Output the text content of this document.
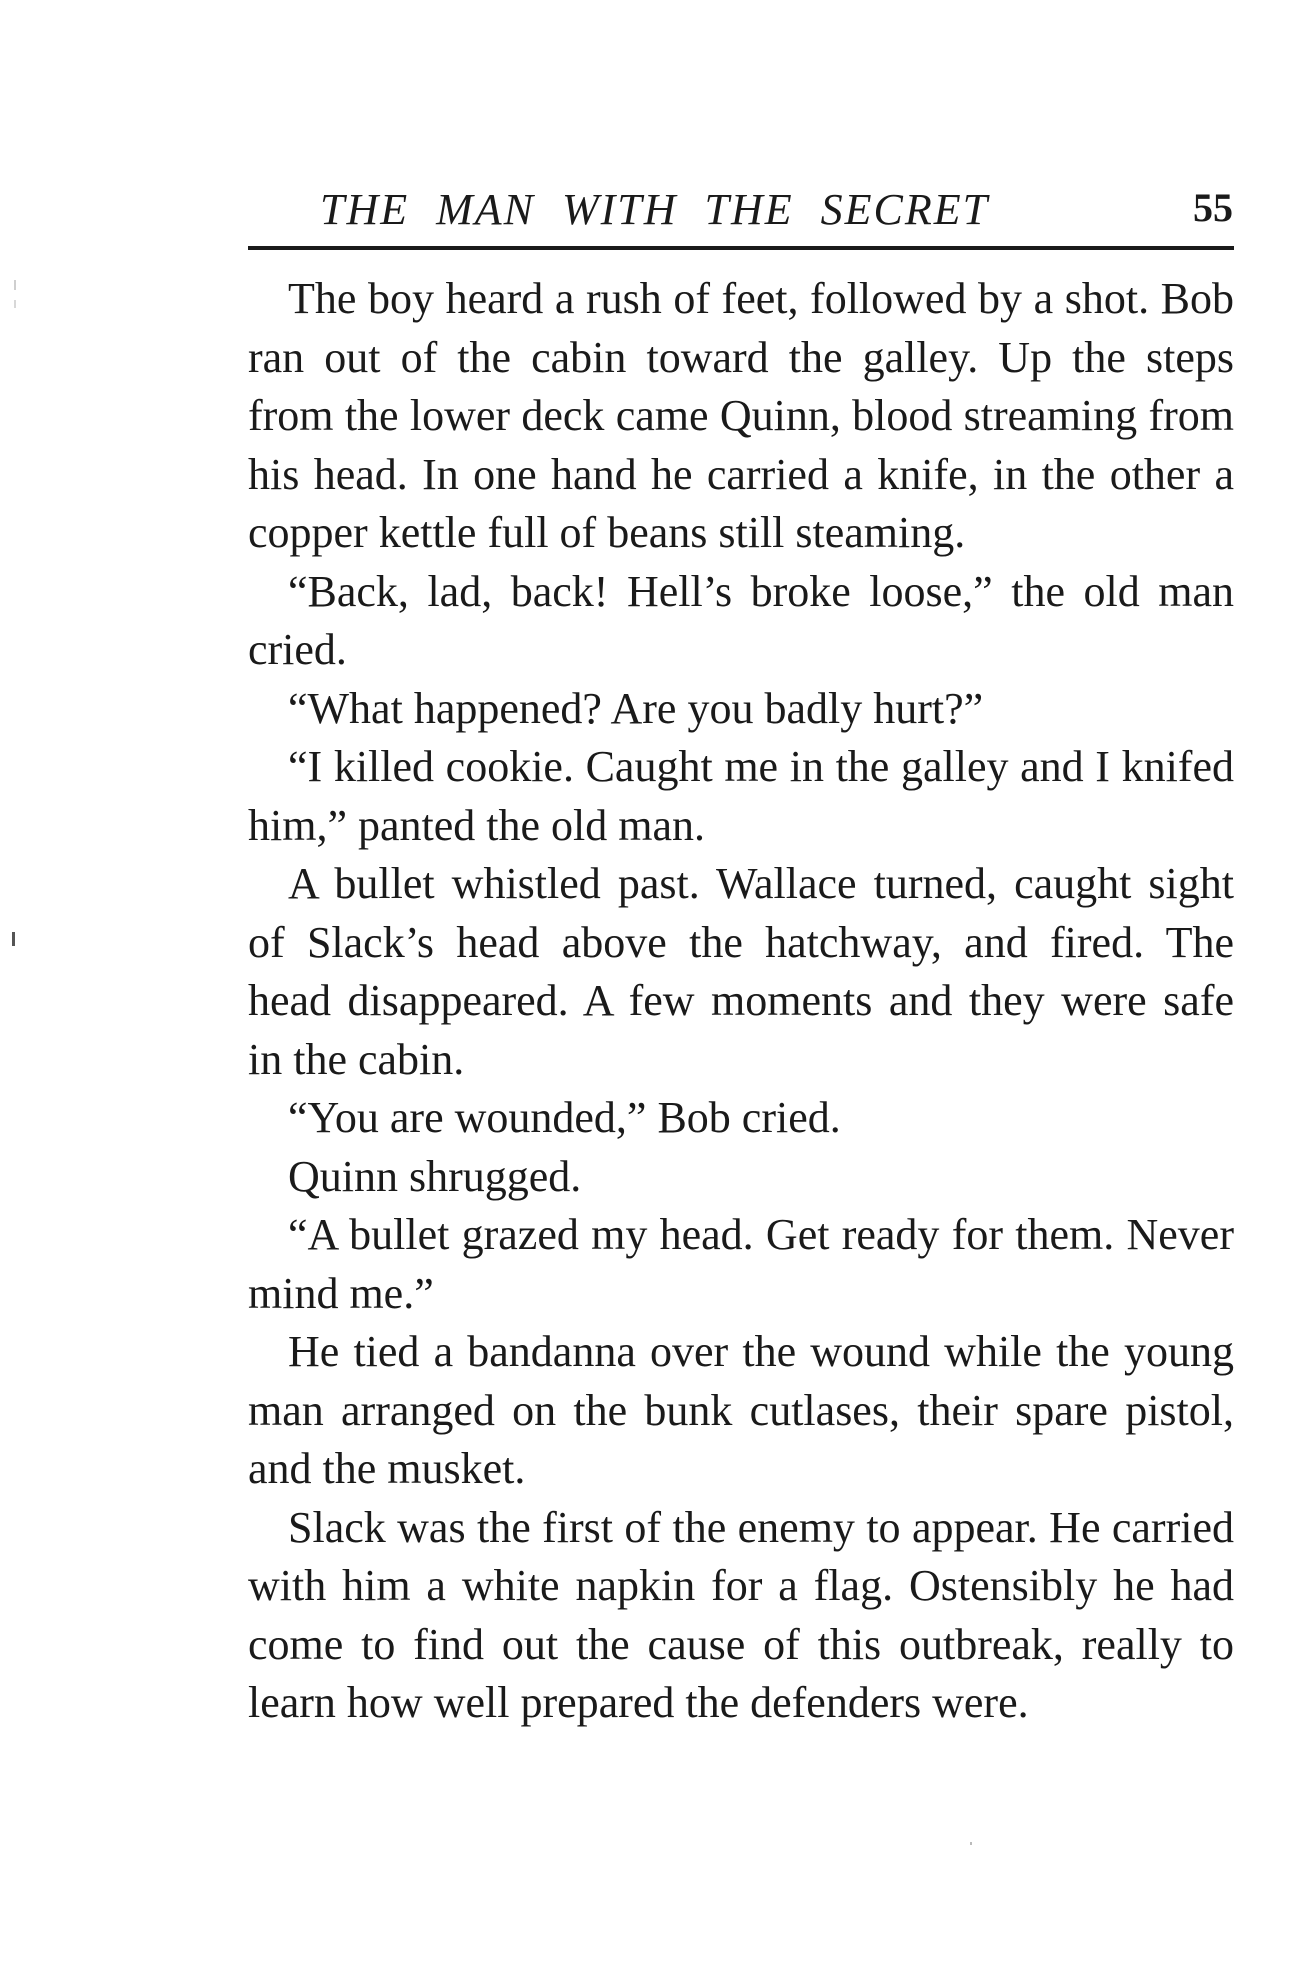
THE MAN WITH THE SECRET	55

The boy heard a rush of feet, followed by a shot. Bob ran out of the cabin toward the galley. Up the steps from the lower deck came Quinn, blood streaming from his head. In one hand he carried a knife, in the other a copper kettle full of beans still steaming.

“Back, lad, back! Hell’s broke loose,” the old man cried.

“What happened? Are you badly hurt?”

“I killed cookie. Caught me in the galley and I knifed him,” panted the old man.

A bullet whistled past. Wallace turned, caught sight of Slack’s head above the hatchway, and fired. The head disappeared. A few moments and they were safe in the cabin.

“You are wounded,” Bob cried.

Quinn shrugged.

“A bullet grazed my head. Get ready for them. Never mind me.”

He tied a bandanna over the wound while the young man arranged on the bunk cutlases, their spare pistol, and the musket.

Slack was the first of the enemy to appear. He carried with him a white napkin for a flag. Ostensibly he had come to find out the cause of this outbreak, really to learn how well prepared the defenders were.
